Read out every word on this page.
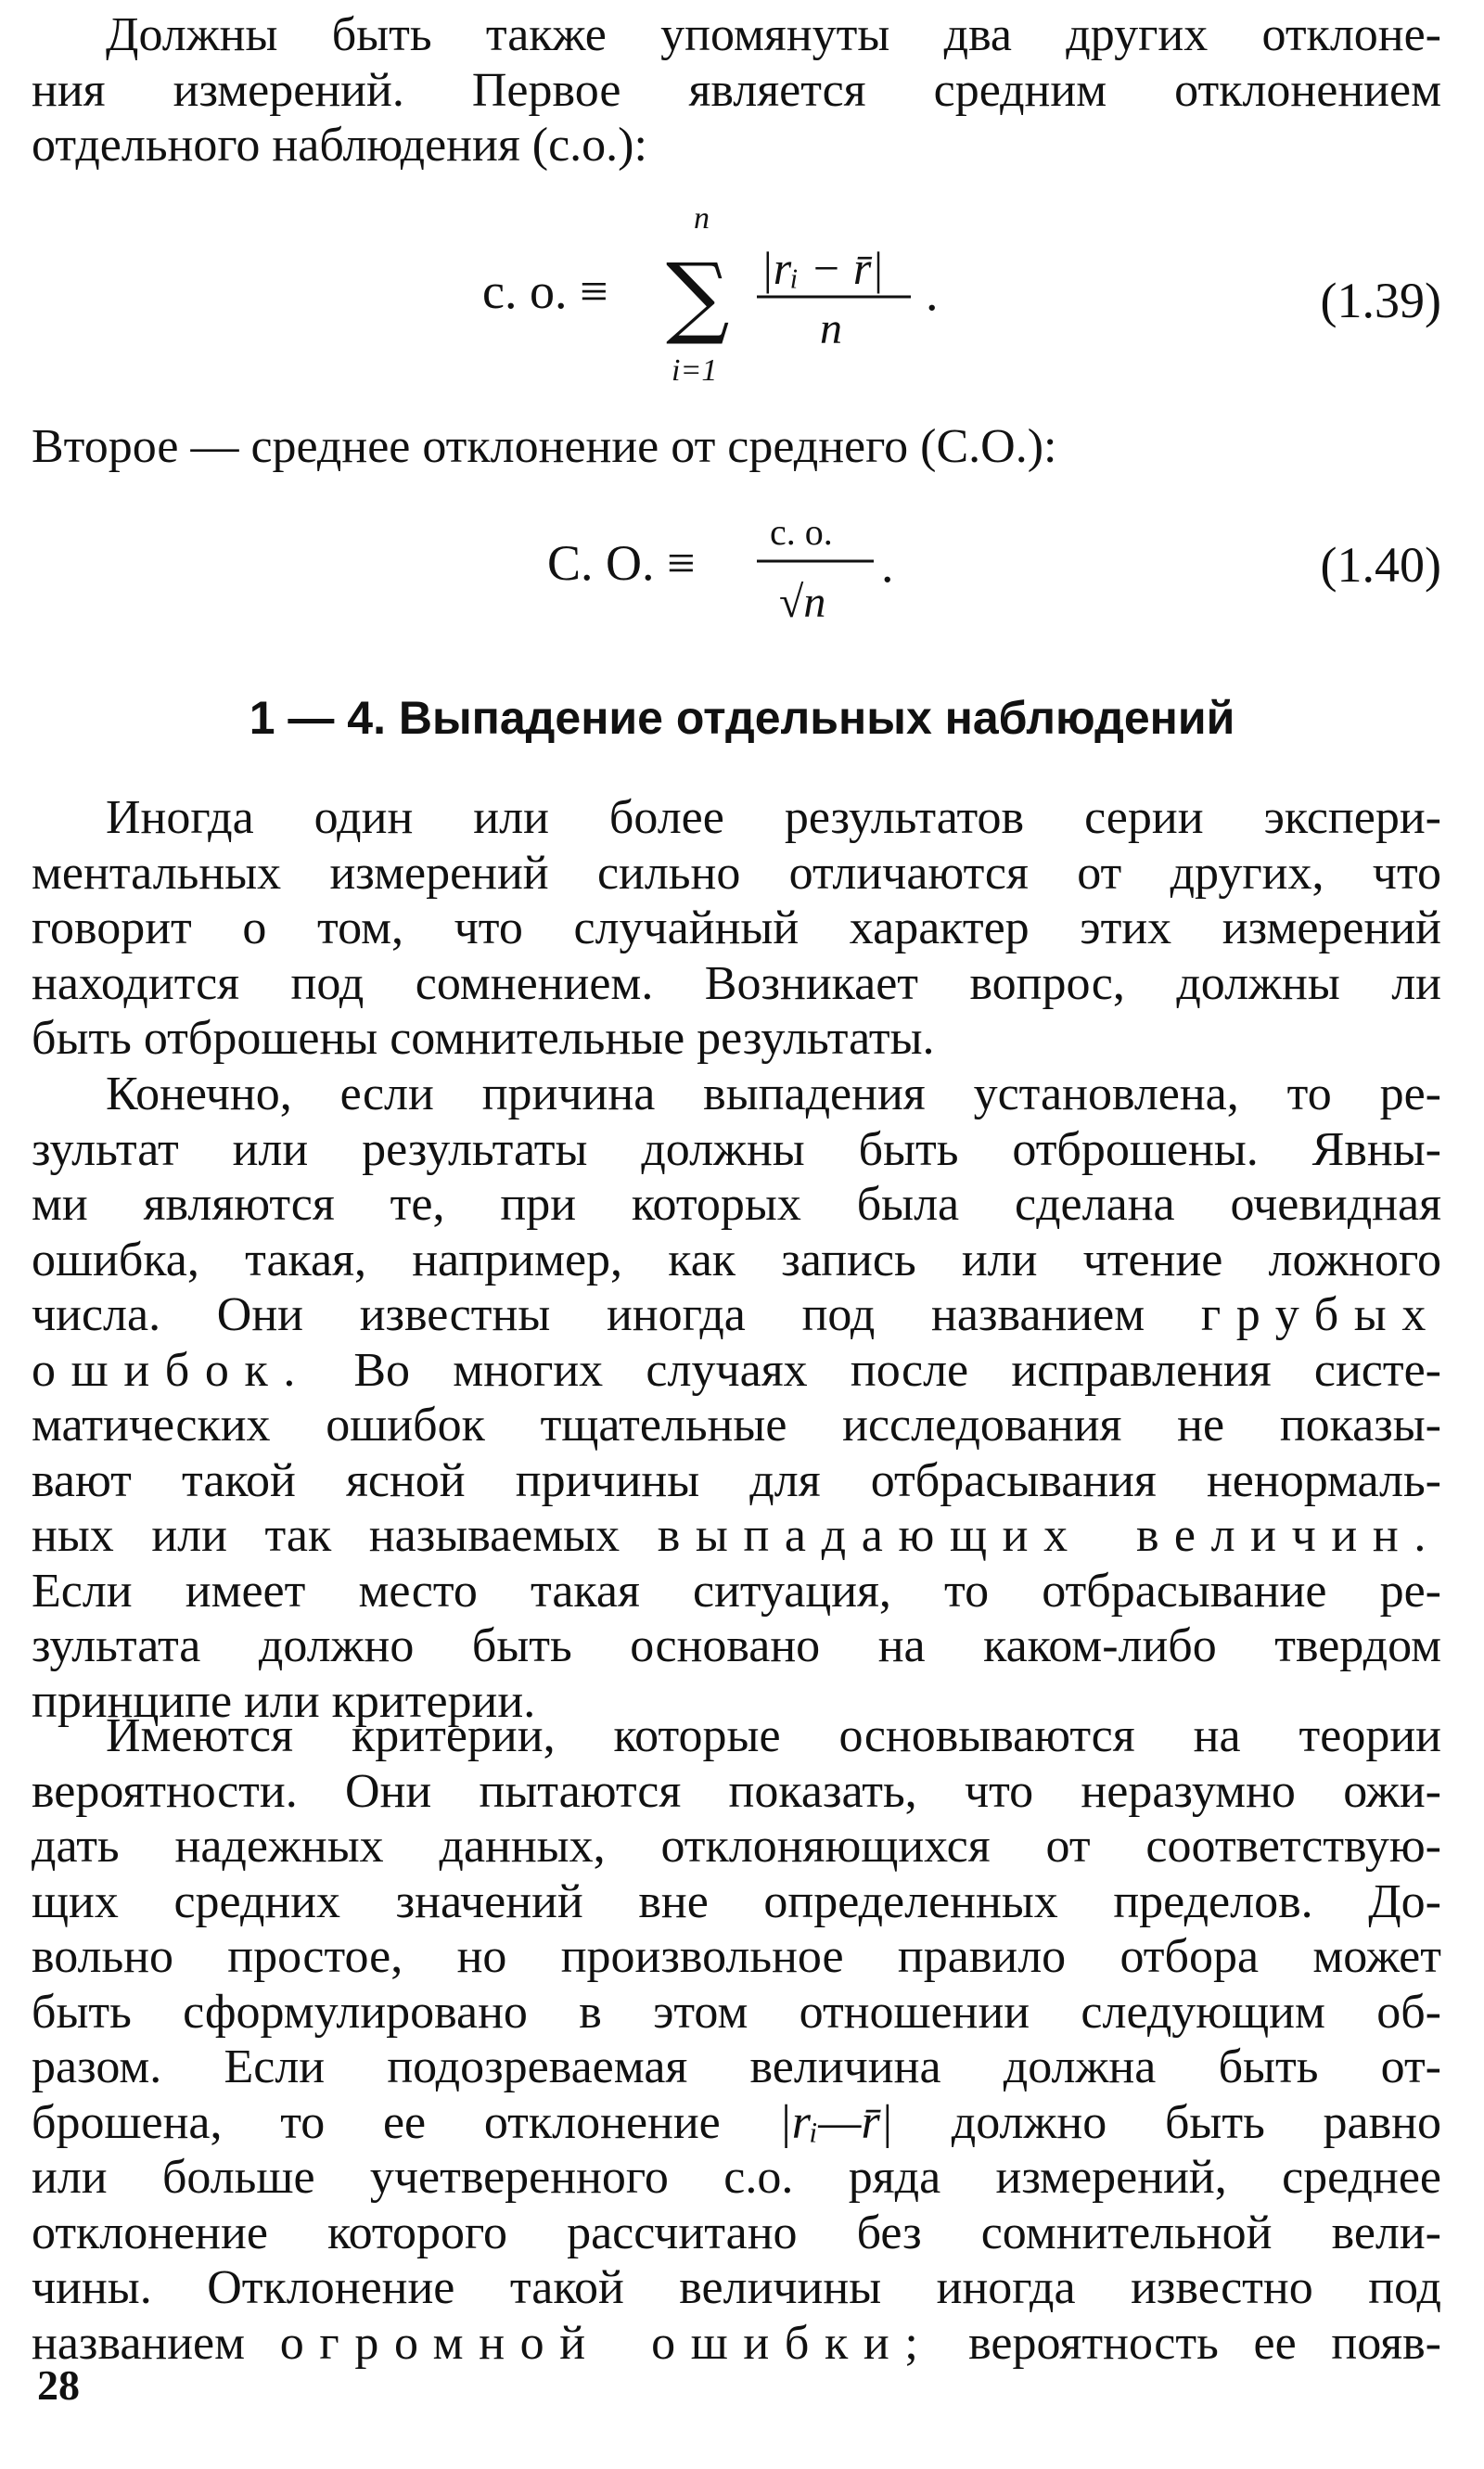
Должны быть также упомянуты два других отклоне-
ния измерений. Первое является средним отклонением
отдельного наблюдения (с.о.):
с. о. ≡
n
∑
i=1
|rᵢ − r̄|
n
.	(1.39)
Второе — среднее отклонение от среднего (С.О.):
С. О. ≡
с. о.
√n
.	(1.40)
1 — 4. Выпадение отдельных наблюдений
Иногда один или более результатов серии экспери-
ментальных измерений сильно отличаются от других, что
говорит о том, что случайный характер этих измерений
находится под сомнением. Возникает вопрос, должны ли
быть отброшены сомнительные результаты.
Конечно, если причина выпадения установлена, то ре-
зультат или результаты должны быть отброшены. Явны-
ми являются те, при которых была сделана очевидная
ошибка, такая, например, как запись или чтение ложного
числа. Они известны иногда под названием грубых
ошибок. Во многих случаях после исправления систе-
матических ошибок тщательные исследования не показы-
вают такой ясной причины для отбрасывания ненормаль-
ных или так называемых выпадающих величин.
Если имеет место такая ситуация, то отбрасывание ре-
зультата должно быть основано на каком-либо твердом
принципе или критерии.
Имеются критерии, которые основываются на теории
вероятности. Они пытаются показать, что неразумно ожи-
дать надежных данных, отклоняющихся от соответствую-
щих средних значений вне определенных пределов. До-
вольно простое, но произвольное правило отбора может
быть сформулировано в этом отношении следующим об-
разом. Если подозреваемая величина должна быть от-
брошена, то ее отклонение |rᵢ—r̄| должно быть равно
или больше учетверенного с.о. ряда измерений, среднее
отклонение которого рассчитано без сомнительной вели-
чины. Отклонение такой величины иногда известно под
названием огромной ошибки; вероятность ее появ-
28
